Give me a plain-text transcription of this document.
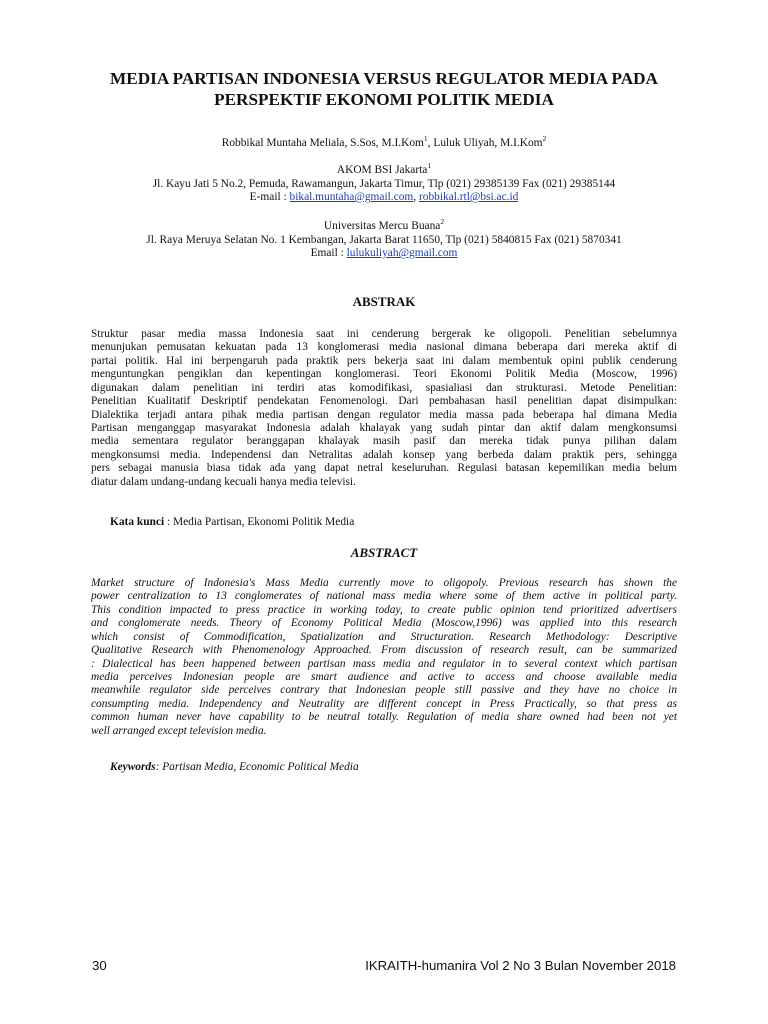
MEDIA PARTISAN INDONESIA VERSUS REGULATOR MEDIA PADA
PERSPEKTIF EKONOMI POLITIK MEDIA
Robbikal Muntaha Meliala, S.Sos, M.I.Kom$^1$, Luluk Uliyah, M.I.Kom$^2$
AKOM BSI Jakarta$^1$
Jl. Kayu Jati 5 No.2, Pemuda, Rawamangun, Jakarta Timur, Tlp (021) 29385139 Fax (021) 29385144
E-mail : bikal.muntaha@gmail.com, robbikal.rtl@bsi.ac.id
Universitas Mercu Buana$^2$
Jl. Raya Meruya Selatan No. 1 Kembangan, Jakarta Barat 11650, Tlp (021) 5840815 Fax (021) 5870341
Email : lulukuliyah@gmail.com
ABSTRAK

Struktur pasar media massa Indonesia saat ini cenderung bergerak ke oligopoli. Penelitian sebelumnya
menunjukan pemusatan kekuatan pada 13 konglomerasi media nasional dimana beberapa dari mereka aktif di
partai politik. Hal ini berpengaruh pada praktik pers bekerja saat ini dalam membentuk opini publik cenderung
menguntungkan pengiklan dan kepentingan konglomerasi. Teori Ekonomi Politik Media (Moscow, 1996)
digunakan dalam penelitian ini terdiri atas komodifikasi, spasialiasi dan strukturasi. Metode Penelitian:
Penelitian Kualitatif Deskriptif pendekatan Fenomenologi. Dari pembahasan hasil penelitian dapat disimpulkan:
Dialektika terjadi antara pihak media partisan dengan regulator media massa pada beberapa hal dimana Media
Partisan menganggap masyarakat Indonesia adalah khalayak yang sudah pintar dan aktif dalam mengkonsumsi
media sementara regulator beranggapan khalayak masih pasif dan mereka tidak punya pilihan dalam
mengkonsumsi media. Independensi dan Netralitas adalah konsep yang berbeda dalam praktik pers, sehingga
pers sebagai manusia biasa tidak ada yang dapat netral keseluruhan. Regulasi batasan kepemilikan media belum
diatur dalam undang-undang kecuali hanya media televisi.

Kata kunci : Media Partisan, Ekonomi Politik Media
ABSTRACT

Market structure of Indonesia's Mass Media currently move to oligopoly. Previous research has shown the
power centralization to 13 conglomerates of national mass media where some of them active in political party.
This condition impacted to press practice in working today, to create public opinion tend prioritized advertisers
and conglomerate needs. Theory of Economy Political Media (Moscow,1996) was applied into this research
which consist of Commodification, Spatialization and Structuration. Research Methodology: Descriptive
Qualitative Research with Phenomenology Approached. From discussion of research result, can be summarized
: Dialectical has been happened between partisan mass media and regulator in to several context which partisan
media perceives Indonesian people are smart audience and active to access and choose available media
meanwhile regulator side perceives contrary that Indonesian people still passive and they have no choice in
consumpting media. Independency and Neutrality are different concept in Press Practically, so that press as
common human never have capability to be neutral totally. Regulation of media share owned had been not yet
well arranged except television media.

Keywords: Partisan Media, Economic Political Media
30	IKRAITH-humanira Vol 2 No 3 Bulan November 2018
